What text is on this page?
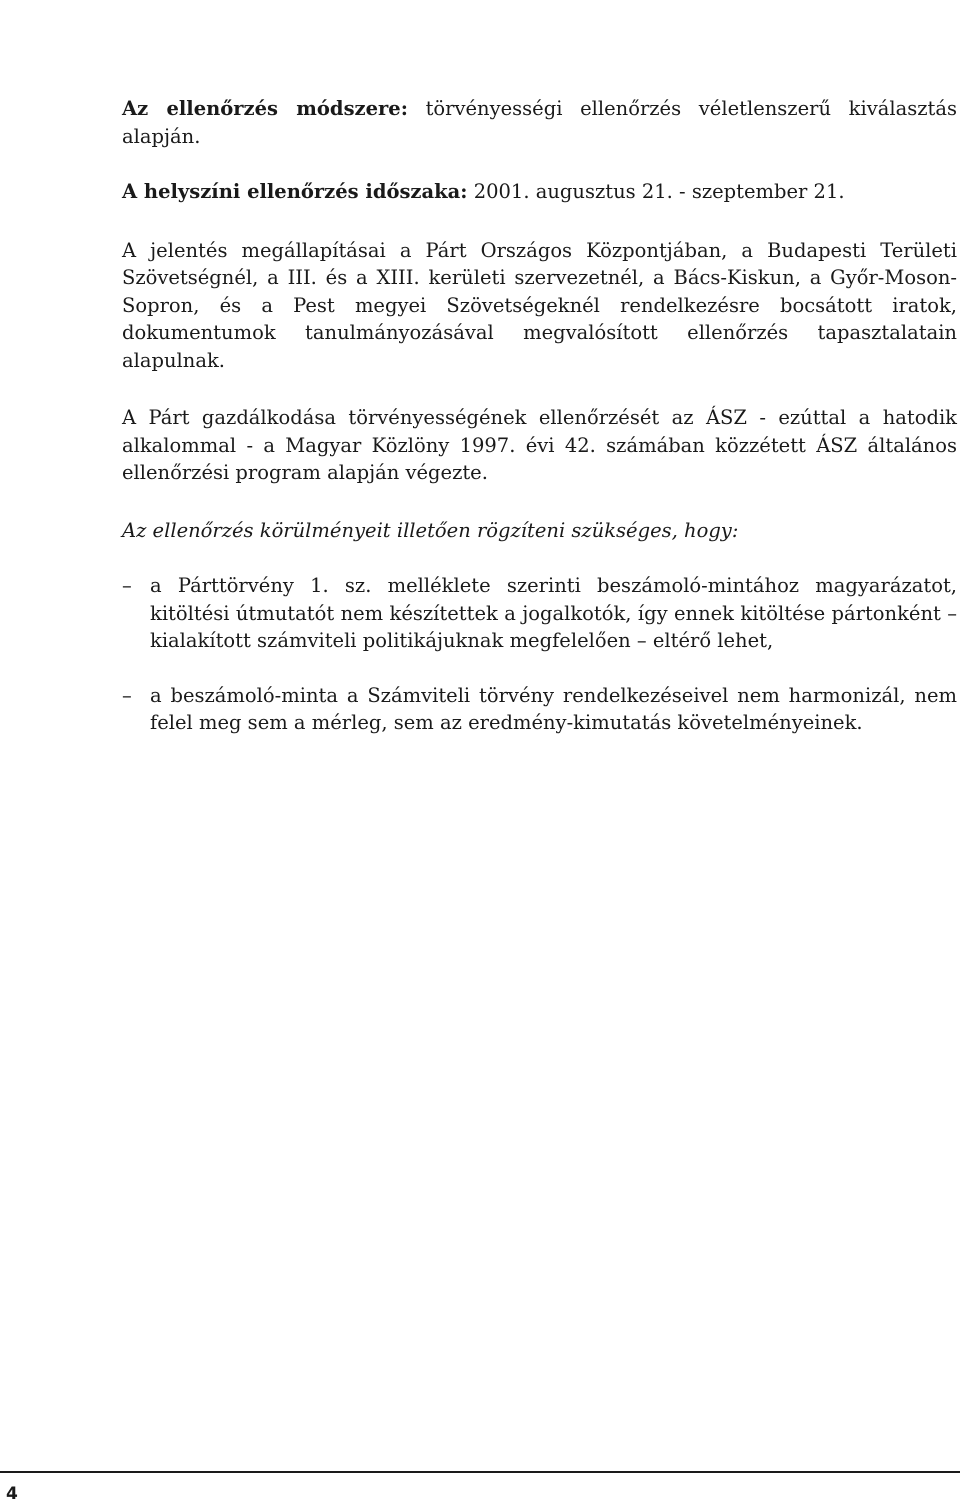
Az ellenőrzés módszere: törvényességi ellenőrzés véletlenszerű kiválasztás alapján.

A helyszíni ellenőrzés időszaka: 2001. augusztus 21. - szeptember 21.

A jelentés megállapításai a Párt Országos Központjában, a Budapesti Területi Szövetségnél, a III. és a XIII. kerületi szervezetnél, a Bács-Kiskun, a Győr-Moson-Sopron, és a Pest megyei Szövetségeknél rendelkezésre bocsátott iratok, dokumentumok tanulmányozásával megvalósított ellenőrzés tapasztalatain alapulnak.

A Párt gazdálkodása törvényességének ellenőrzését az ÁSZ - ezúttal a hatodik alkalommal - a Magyar Közlöny 1997. évi 42. számában közzétett ÁSZ általános ellenőrzési program alapján végezte.

Az ellenőrzés körülményeit illetően rögzíteni szükséges, hogy:

– a Párttörvény 1. sz. melléklete szerinti beszámoló-mintához magyarázatot, kitöltési útmutatót nem készítettek a jogalkotók, így ennek kitöltése pártonként – kialakított számviteli politikájuknak megfelelően – eltérő lehet,
– a beszámoló-minta a Számviteli törvény rendelkezéseivel nem harmonizál, nem felel meg sem a mérleg, sem az eredmény-kimutatás követelményeinek.
4
